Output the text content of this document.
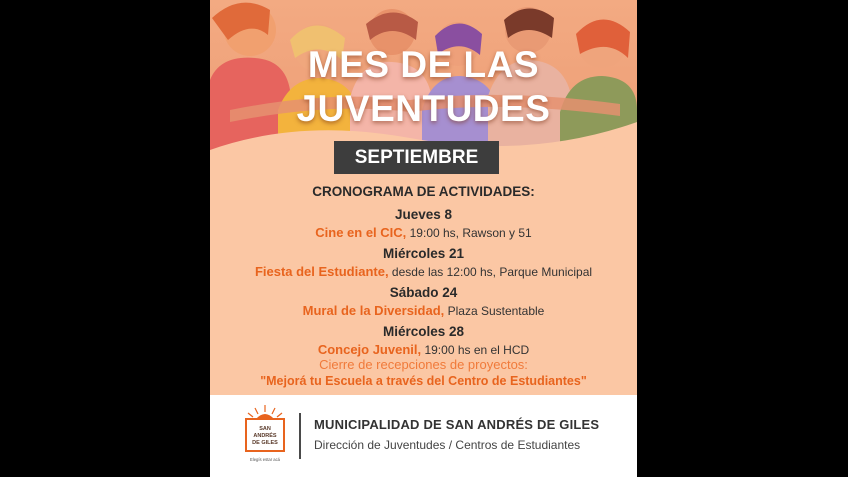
MES DE LAS
JUVENTUDES
SEPTIEMBRE
CRONOGRAMA DE ACTIVIDADES:
Jueves 8
Cine en el CIC, 19:00 hs, Rawson y 51
Miércoles 21
Fiesta del Estudiante, desde las 12:00 hs, Parque Municipal
Sábado 24
Mural de la Diversidad, Plaza Sustentable
Miércoles 28
Concejo Juvenil, 19:00 hs en el HCD
Cierre de recepciones de proyectos:
"Mejorá tu Escuela a través del Centro de Estudiantes"
SAN
ANDRÉS
DE GILES
Elegís estar acá
MUNICIPALIDAD DE SAN ANDRÉS DE GILES
Dirección de Juventudes / Centros de Estudiantes
